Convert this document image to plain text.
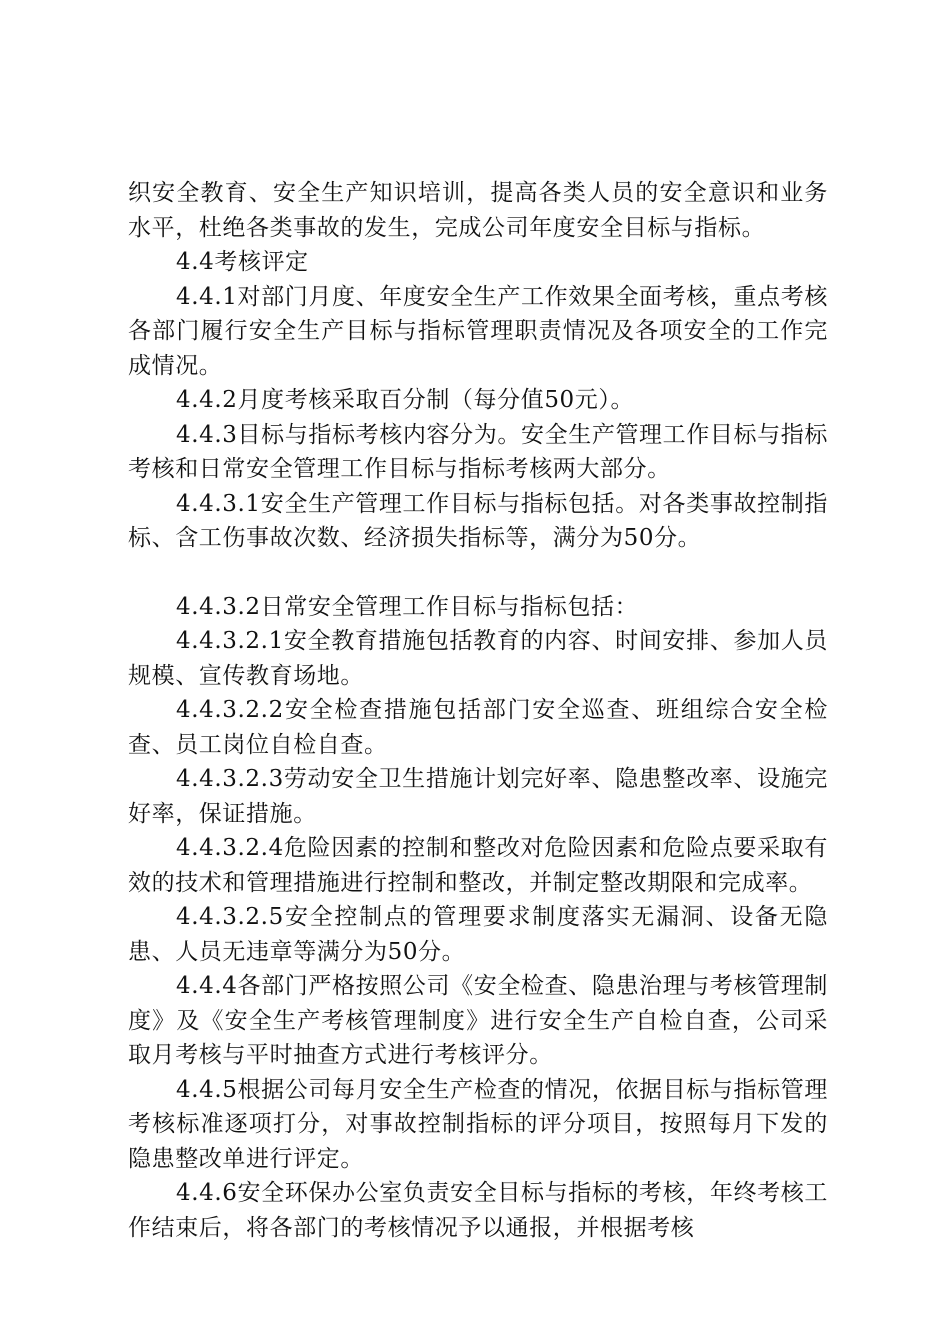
织安全教育、安全生产知识培训，提高各类人员的安全意识和业务水平，杜绝各类事故的发生，完成公司年度安全目标与指标。

4.4考核评定

4.4.1对部门月度、年度安全生产工作效果全面考核，重点考核各部门履行安全生产目标与指标管理职责情况及各项安全的工作完成情况。

4.4.2月度考核采取百分制（每分值50元）。

4.4.3目标与指标考核内容分为。安全生产管理工作目标与指标考核和日常安全管理工作目标与指标考核两大部分。

4.4.3.1安全生产管理工作目标与指标包括。对各类事故控制指标、含工伤事故次数、经济损失指标等，满分为50分。

4.4.3.2日常安全管理工作目标与指标包括：

4.4.3.2.1安全教育措施包括教育的内容、时间安排、参加人员规模、宣传教育场地。

4.4.3.2.2安全检查措施包括部门安全巡查、班组综合安全检查、员工岗位自检自查。

4.4.3.2.3劳动安全卫生措施计划完好率、隐患整改率、设施完好率，保证措施。

4.4.3.2.4危险因素的控制和整改对危险因素和危险点要采取有效的技术和管理措施进行控制和整改，并制定整改期限和完成率。

4.4.3.2.5安全控制点的管理要求制度落实无漏洞、设备无隐患、人员无违章等满分为50分。

4.4.4各部门严格按照公司《安全检查、隐患治理与考核管理制度》及《安全生产考核管理制度》进行安全生产自检自查，公司采取月考核与平时抽查方式进行考核评分。

4.4.5根据公司每月安全生产检查的情况，依据目标与指标管理考核标准逐项打分，对事故控制指标的评分项目，按照每月下发的隐患整改单进行评定。

4.4.6安全环保办公室负责安全目标与指标的考核，年终考核工作结束后，将各部门的考核情况予以通报，并根据考核
